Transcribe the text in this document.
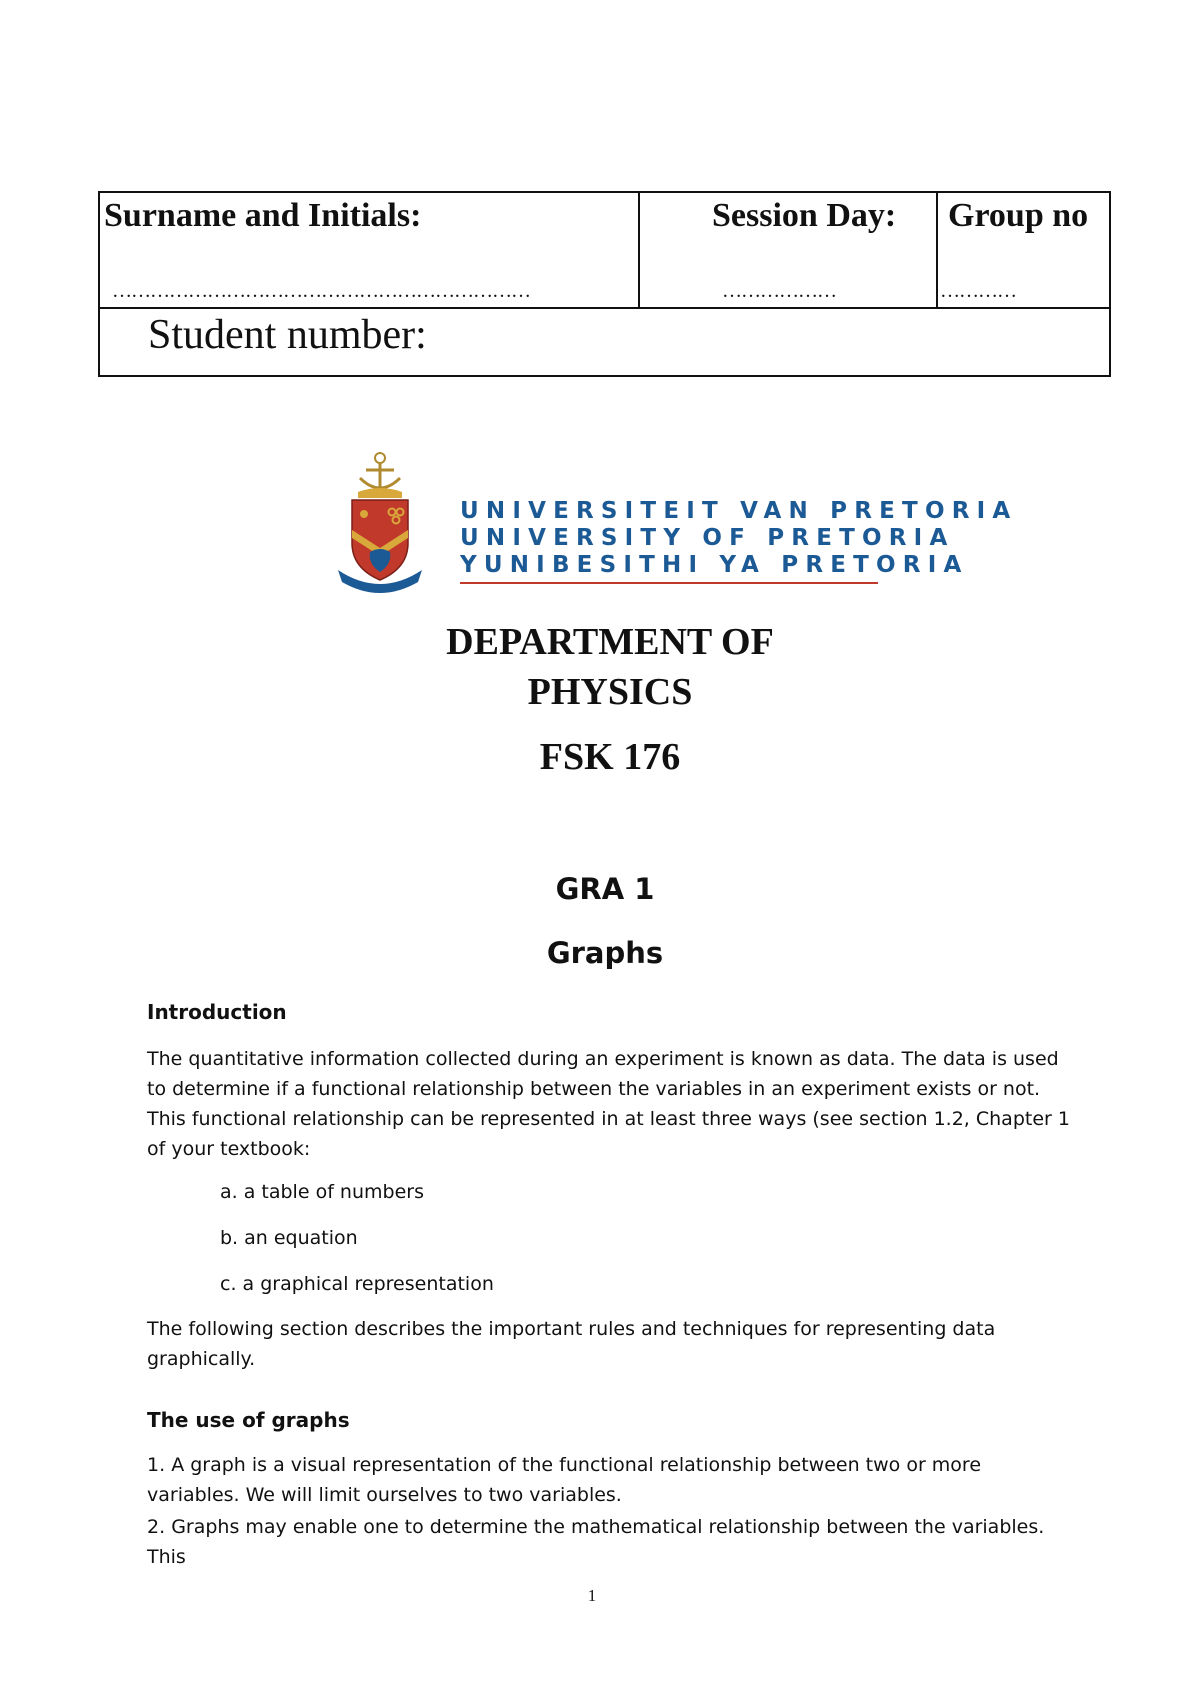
Surname and Initials:
…………………………………………………………
Session Day:
………………
Group no
…………
Student number:
UNIVERSITEIT VAN PRETORIA
UNIVERSITY OF PRETORIA
YUNIBESITHI YA PRETORIA
DEPARTMENT OF
PHYSICS
FSK 176
GRA 1
Graphs
Introduction
The quantitative information collected during an experiment is known as data. The data is used to determine if a functional relationship between the variables in an experiment exists or not. This functional relationship can be represented in at least three ways (see section 1.2, Chapter 1 of your textbook:
a. a table of numbers
b. an equation
c. a graphical representation
The following section describes the important rules and techniques for representing data graphically.
The use of graphs
1. A graph is a visual representation of the functional relationship between two or more variables. We will limit ourselves to two variables.
2. Graphs may enable one to determine the mathematical relationship between the variables. This
1
